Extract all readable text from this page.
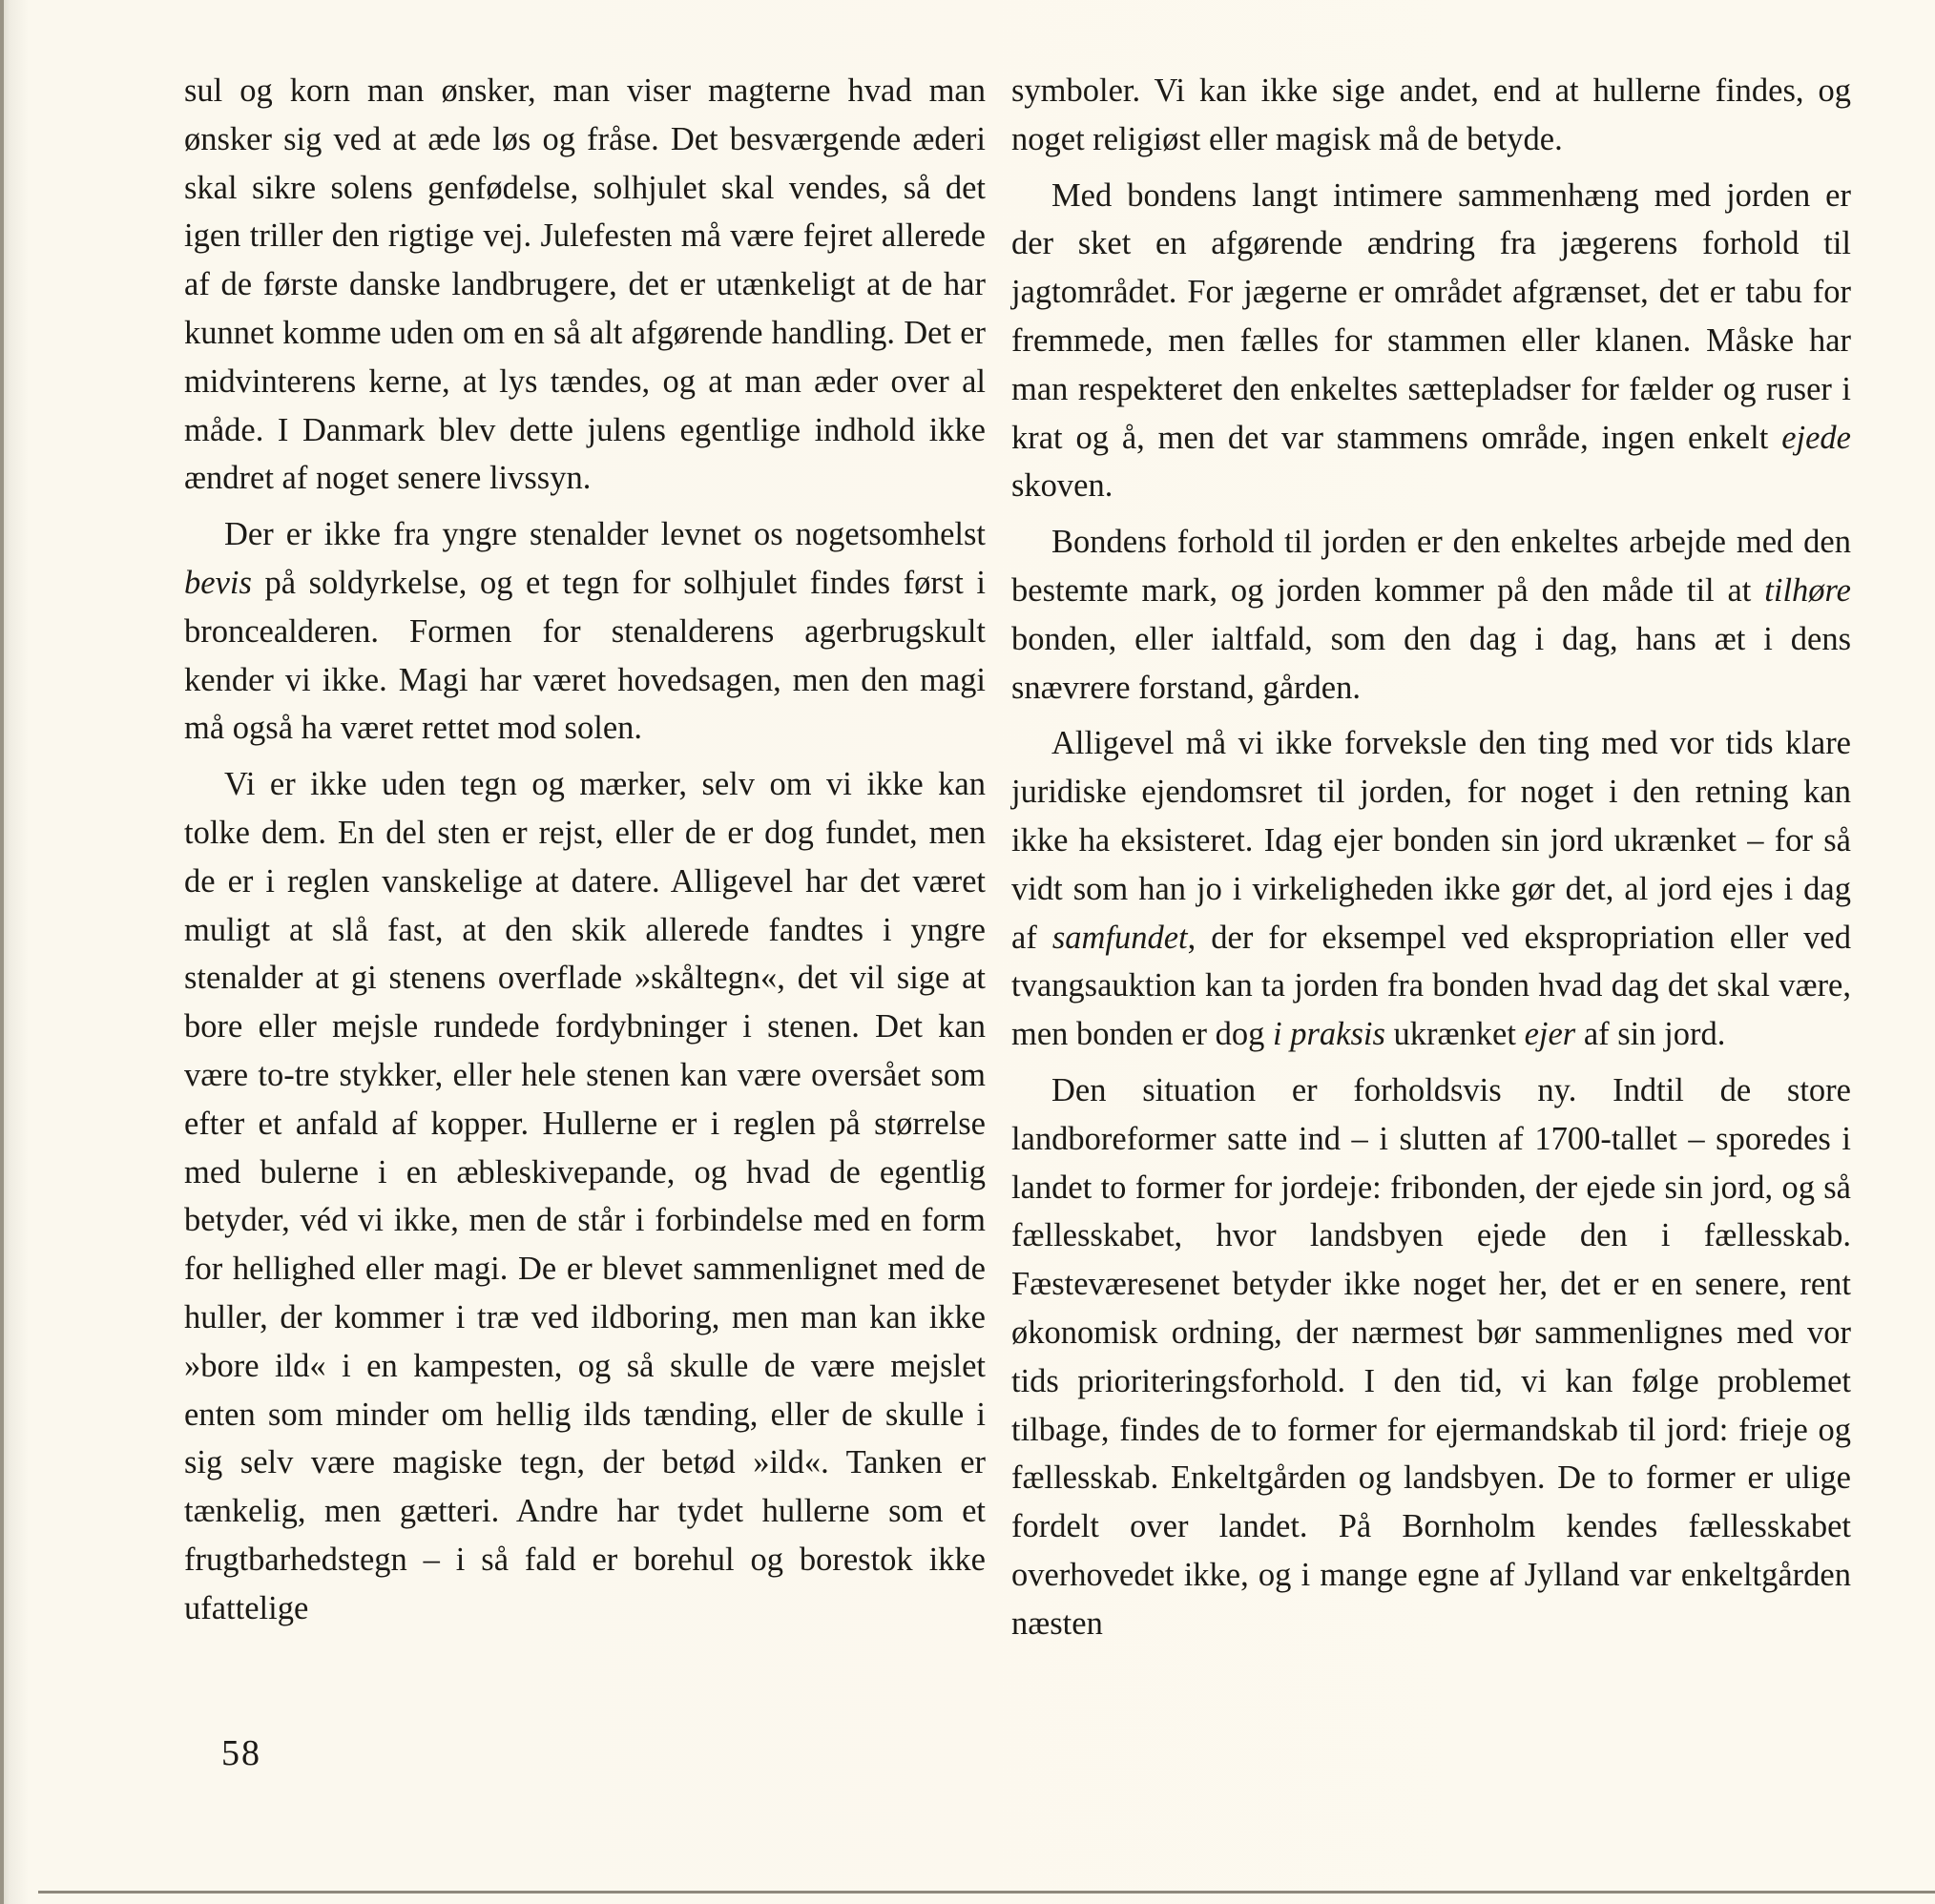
sul og korn man ønsker, man viser magterne hvad man ønsker sig ved at æde løs og fråse. Det besværgende æderi skal sikre solens genfødelse, solhjulet skal vendes, så det igen triller den rigtige vej. Julefesten må være fejret allerede af de første danske landbrugere, det er utænkeligt at de har kunnet komme uden om en så alt afgørende handling. Det er midvinterens kerne, at lys tændes, og at man æder over al måde. I Danmark blev dette julens egentlige indhold ikke ændret af noget senere livssyn.

Der er ikke fra yngre stenalder levnet os nogetsomhelst bevis på soldyrkelse, og et tegn for solhjulet findes først i broncealderen. Formen for stenalderens agerbrugskult kender vi ikke. Magi har været hovedsagen, men den magi må også ha været rettet mod solen.

Vi er ikke uden tegn og mærker, selv om vi ikke kan tolke dem. En del sten er rejst, eller de er dog fundet, men de er i reglen vanskelige at datere. Alligevel har det været muligt at slå fast, at den skik allerede fandtes i yngre stenalder at gi stenens overflade »skåltegn«, det vil sige at bore eller mejsle rundede fordybninger i stenen. Det kan være to-tre stykker, eller hele stenen kan være oversået som efter et anfald af kopper. Hullerne er i reglen på størrelse med bulerne i en æbleskivepande, og hvad de egentlig betyder, véd vi ikke, men de står i forbindelse med en form for hellighed eller magi. De er blevet sammenlignet med de huller, der kommer i træ ved ildboring, men man kan ikke »bore ild« i en kampesten, og så skulle de være mejslet enten som minder om hellig ilds tænding, eller de skulle i sig selv være magiske tegn, der betød »ild«. Tanken er tænkelig, men gætteri. Andre har tydet hullerne som et frugtbarhedstegn – i så fald er borehul og borestok ikke ufattelige

symboler. Vi kan ikke sige andet, end at hullerne findes, og noget religiøst eller magisk må de betyde.

Med bondens langt intimere sammenhæng med jorden er der sket en afgørende ændring fra jægerens forhold til jagtområdet. For jægerne er området afgrænset, det er tabu for fremmede, men fælles for stammen eller klanen. Måske har man respekteret den enkeltes sættepladser for fælder og ruser i krat og å, men det var stammens område, ingen enkelt ejede skoven.

Bondens forhold til jorden er den enkeltes arbejde med den bestemte mark, og jorden kommer på den måde til at tilhøre bonden, eller ialtfald, som den dag i dag, hans æt i dens snævrere forstand, gården.

Alligevel må vi ikke forveksle den ting med vor tids klare juridiske ejendomsret til jorden, for noget i den retning kan ikke ha eksisteret. Idag ejer bonden sin jord ukrænket – for så vidt som han jo i virkeligheden ikke gør det, al jord ejes i dag af samfundet, der for eksempel ved ekspropriation eller ved tvangsauktion kan ta jorden fra bonden hvad dag det skal være, men bonden er dog i praksis ukrænket ejer af sin jord.

Den situation er forholdsvis ny. Indtil de store landboreformer satte ind – i slutten af 1700-tallet – sporedes i landet to former for jordeje: fribonden, der ejede sin jord, og så fællesskabet, hvor landsbyen ejede den i fællesskab. Fæsteværesenet betyder ikke noget her, det er en senere, rent økonomisk ordning, der nærmest bør sammenlignes med vor tids prioriteringsforhold. I den tid, vi kan følge problemet tilbage, findes de to former for ejermandskab til jord: frieje og fællesskab. Enkeltgården og landsbyen. De to former er ulige fordelt over landet. På Bornholm kendes fællesskabet overhovedet ikke, og i mange egne af Jylland var enkeltgården næsten

58
